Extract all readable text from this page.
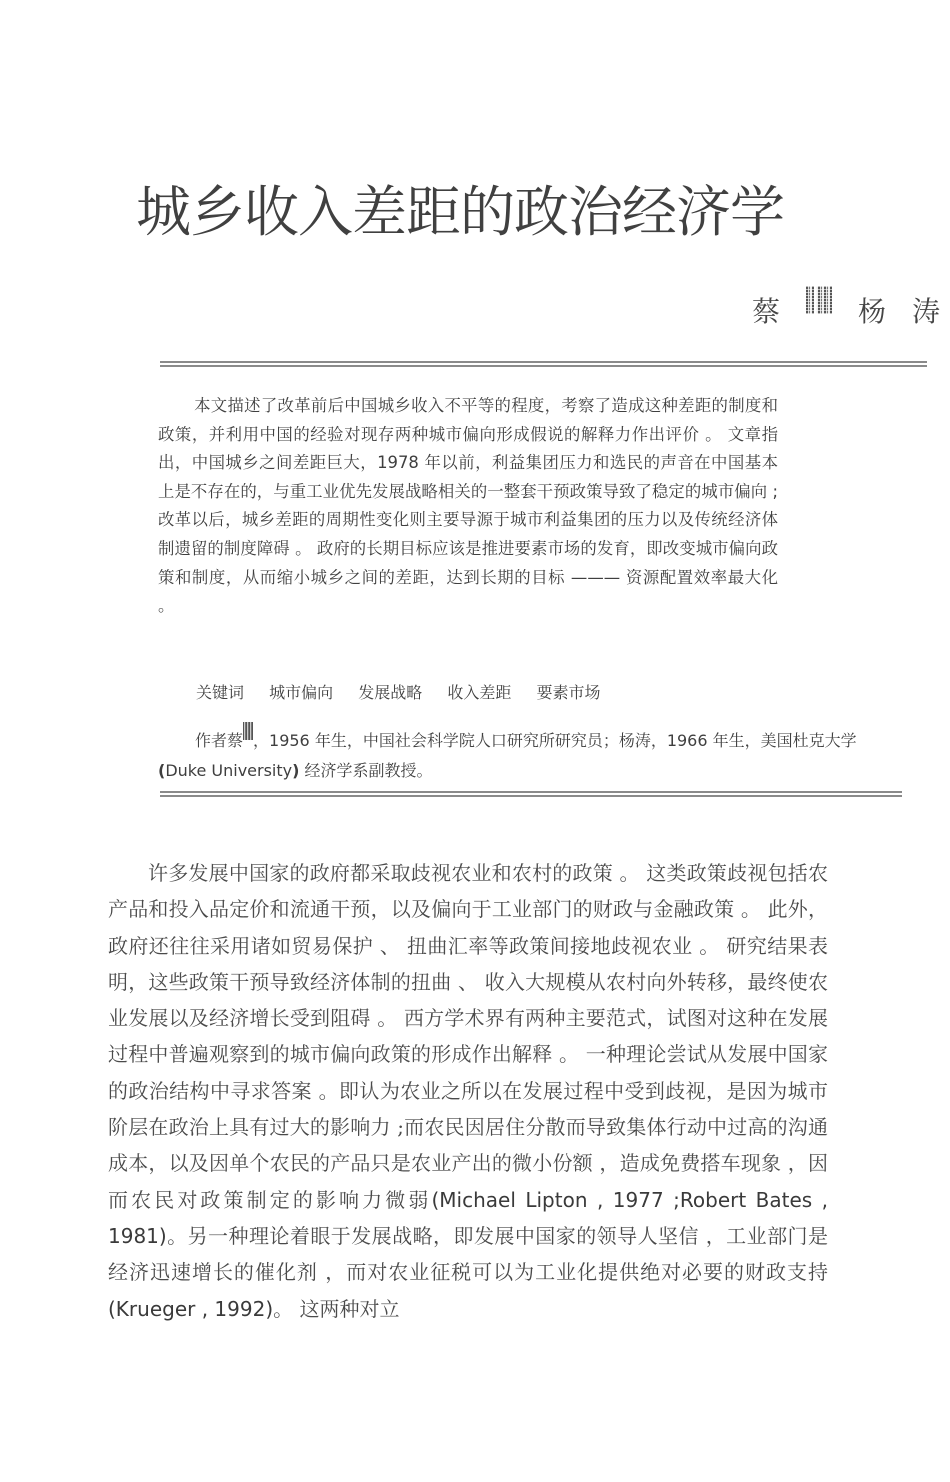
城乡收入差距的政治经济学
蔡	杨 涛

本文描述了改革前后中国城乡收入不平等的程度，考察了造成这种差距的制度和政策，并利用中国的经验对现存两种城市偏向形成假说的解释力作出评价 。 文章指出，中国城乡之间差距巨大，1978 年以前，利益集团压力和选民的声音在中国基本上是不存在的，与重工业优先发展战略相关的一整套干预政策导致了稳定的城市偏向 ;改革以后，城乡差距的周期性变化则主要导源于城市利益集团的压力以及传统经济体制遗留的制度障碍 。 政府的长期目标应该是推进要素市场的发育，即改变城市偏向政策和制度，从而缩小城乡之间的差距，达到长期的目标 ——— 资源配置效率最大化 。

关键词 城市偏向 发展战略 收入差距 要素市场

作者蔡 ，1956 年生，中国社会科学院人口研究所研究员；杨涛，1966 年生，美国杜克大学

(Duke University) 经济学系副教授。

许多发展中国家的政府都采取歧视农业和农村的政策 。 这类政策歧视包括农产品和投入品定价和流通干预，以及偏向于工业部门的财政与金融政策 。 此外，政府还往往采用诸如贸易保护 、 扭曲汇率等政策间接地歧视农业 。 研究结果表明，这些政策干预导致经济体制的扭曲 、 收入大规模从农村向外转移，最终使农业发展以及经济增长受到阻碍 。 西方学术界有两种主要范式，试图对这种在发展过程中普遍观察到的城市偏向政策的形成作出解释 。 一种理论尝试从发展中国家的政治结构中寻求答案 。即认为农业之所以在发展过程中受到歧视，是因为城市阶层在政治上具有过大的影响力 ;而农民因居住分散而导致集体行动中过高的沟通成本，以及因单个农民的产品只是农业产出的微小份额 ，造成免费搭车现象 ，因而农民对政策制定的影响力微弱(Michael Lipton , 1977 ;Robert Bates , 1981)。另一种理论着眼于发展战略，即发展中国家的领导人坚信 ，工业部门是经济迅速增长的催化剂 ，而对农业征税可以为工业化提供绝对必要的财政支持 (Krueger , 1992)。 这两种对立
